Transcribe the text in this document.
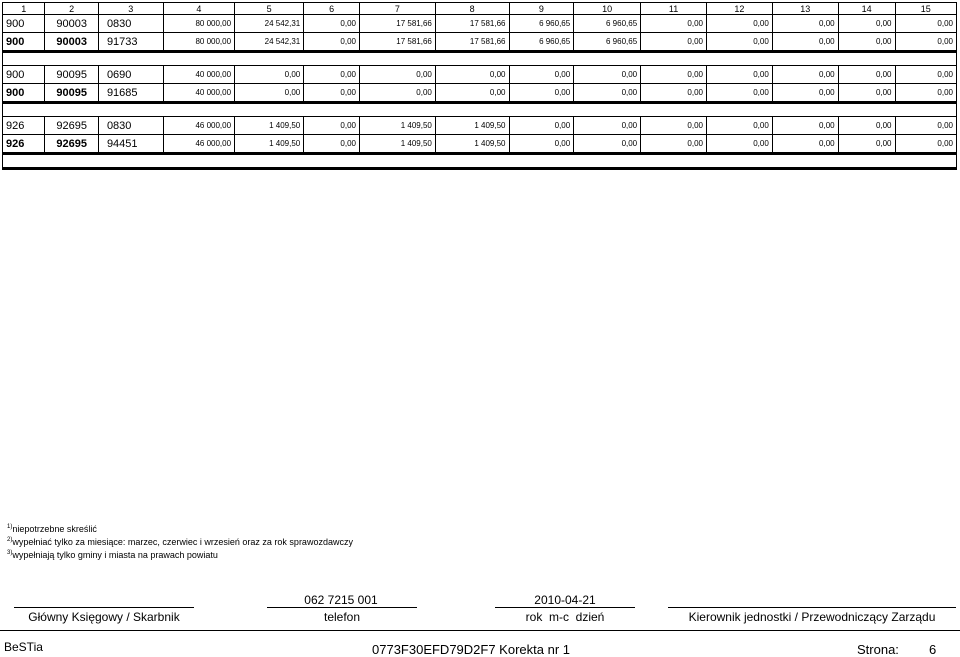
1	2	3	4	5	6	7	8	9	10	11	12	13	14	15
900	90003	0830	80 000,00	24 542,31	0,00	17 581,66	17 581,66	6 960,65	6 960,65	0,00	0,00	0,00	0,00	0,00
900	90003	91733	80 000,00	24 542,31	0,00	17 581,66	17 581,66	6 960,65	6 960,65	0,00	0,00	0,00	0,00	0,00

900	90095	0690	40 000,00	0,00	0,00	0,00	0,00	0,00	0,00	0,00	0,00	0,00	0,00	0,00
900	90095	91685	40 000,00	0,00	0,00	0,00	0,00	0,00	0,00	0,00	0,00	0,00	0,00	0,00

926	92695	0830	46 000,00	1 409,50	0,00	1 409,50	1 409,50	0,00	0,00	0,00	0,00	0,00	0,00	0,00
926	92695	94451	46 000,00	1 409,50	0,00	1 409,50	1 409,50	0,00	0,00	0,00	0,00	0,00	0,00	0,00

$^{1)}$niepotrzebne skreślić
$^{2)}$wypełniać tylko za miesiące: marzec, czerwiec i wrzesień oraz za rok sprawozdawczy
$^{3)}$wypełniają tylko gminy i miasta na prawach powiatu
062 7215 001	2010-04-21
Główny Księgowy / Skarbnik	telefon	rok  m-c  dzień	Kierownik jednostki / Przewodniczący Zarządu
BeSTia	0773F30EFD79D2F7 Korekta nr 1	Strona: 6
